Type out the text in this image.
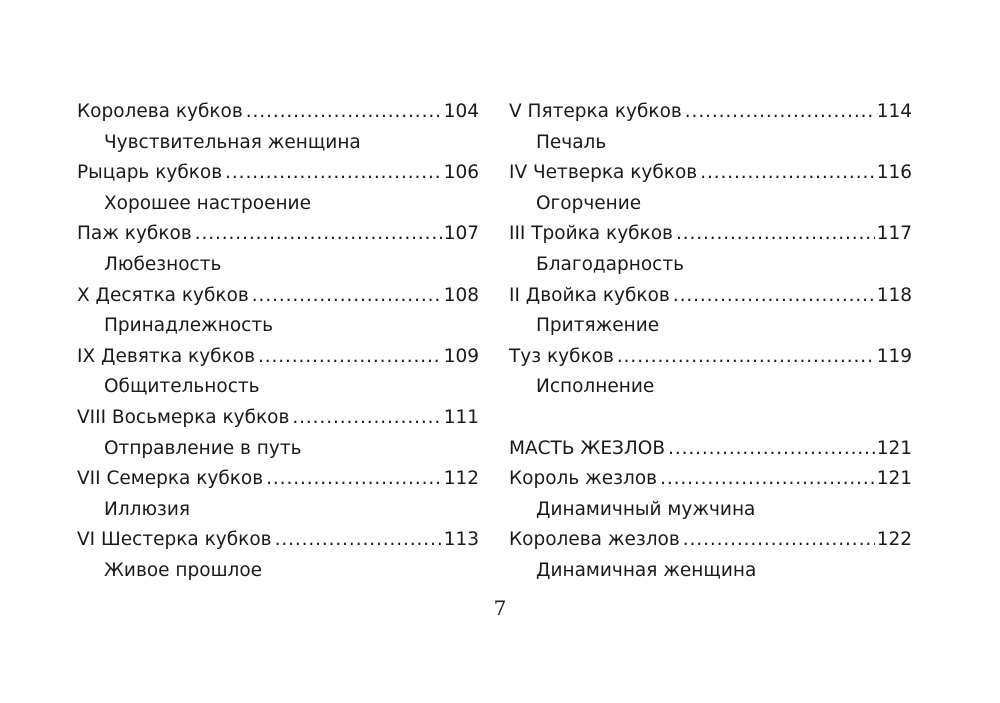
Королева кубков . . .	104
Чувствительная женщина
Рыцарь кубков . . .	106
Хорошее настроение
Паж кубков . . .	107
Любезность
X Десятка кубков . . .	108
Принадлежность
IX Девятка кубков . . .	109
Общительность
VIII Восьмерка кубков . . .	111
Отправление в путь
VII Семерка кубков . . .	112
Иллюзия
VI Шестерка кубков . . .	113
Живое прошлое
V Пятерка кубков . . .	114
Печаль
IV Четверка кубков . . .	116
Огорчение
III Тройка кубков . . .	117
Благодарность
II Двойка кубков . . .	118
Притяжение
Туз кубков . . .	119
Исполнение
МАСТЬ ЖЕЗЛОВ . . .	121
Король жезлов . . .	121
Динамичный мужчина
Королева жезлов . . .	122
Динамичная женщина
7
